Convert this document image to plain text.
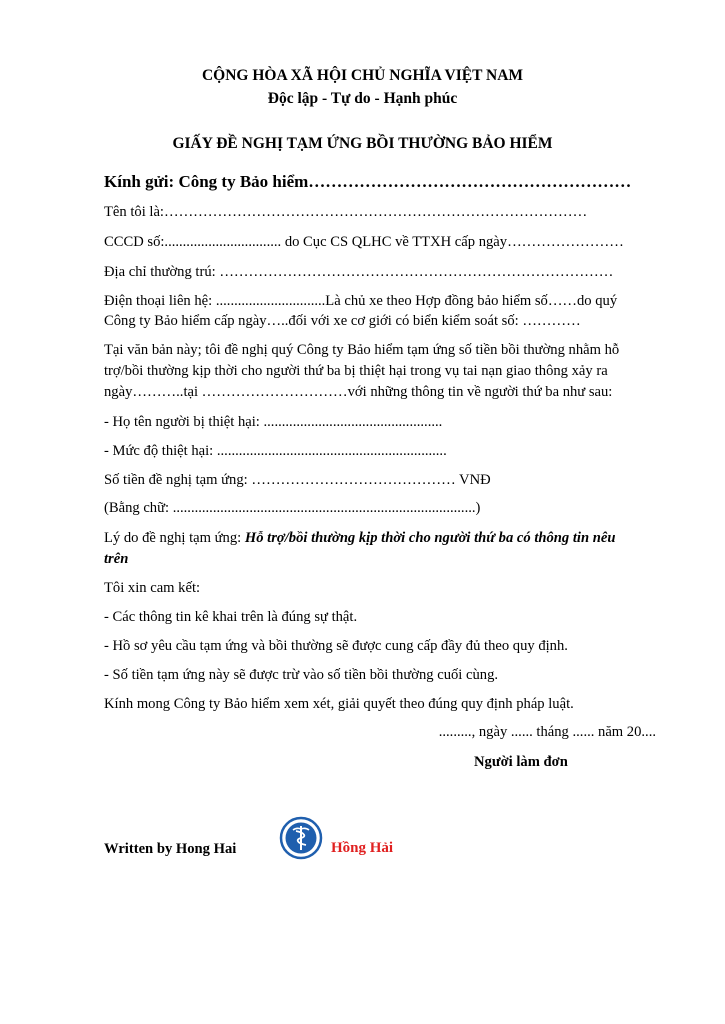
CỘNG HÒA XÃ HỘI CHỦ NGHĨA VIỆT NAM
Độc lập - Tự do - Hạnh phúc
GIẤY ĐỀ NGHỊ TẠM ỨNG BỒI THƯỜNG BẢO HIỂM
Kính gửi: Công ty Bảo hiểm…………………………………………………
Tên tôi là:……………………………………………………………………………
CCCD số:................................ do Cục CS QLHC về TTXH cấp ngày……………………
Địa chỉ thường trú: ………………………………………………………………………
Điện thoại liên hệ: ..............................Là chủ xe theo Hợp đồng bảo hiểm số……do quý
Công ty Bảo hiểm cấp ngày…..đối với xe cơ giới có biển kiểm soát số: …………
Tại văn bản này; tôi đề nghị quý Công ty Bảo hiểm tạm ứng số tiền bồi thường nhằm hỗ
trợ/bồi thường kịp thời cho người thứ ba bị thiệt hại trong vụ tai nạn giao thông xảy ra
ngày………..tại …………………………với những thông tin về người thứ ba như sau:
- Họ tên người bị thiệt hại: .................................................
- Mức độ thiệt hại: ...............................................................
Số tiền đề nghị tạm ứng: …………………………………… VNĐ
(Bằng chữ: ...................................................................................)
Lý do đề nghị tạm ứng: Hỗ trợ/bồi thường kịp thời cho người thứ ba có thông tin nêu
trên
Tôi xin cam kết:
- Các thông tin kê khai trên là đúng sự thật.
- Hồ sơ yêu cầu tạm ứng và bồi thường sẽ được cung cấp đầy đủ theo quy định.
- Số tiền tạm ứng này sẽ được trừ vào số tiền bồi thường cuối cùng.
Kính mong Công ty Bảo hiểm xem xét, giải quyết theo đúng quy định pháp luật.
........., ngày ...... tháng ...... năm 20....
Người làm đơn
Written by Hong Hai	Hồng Hải
